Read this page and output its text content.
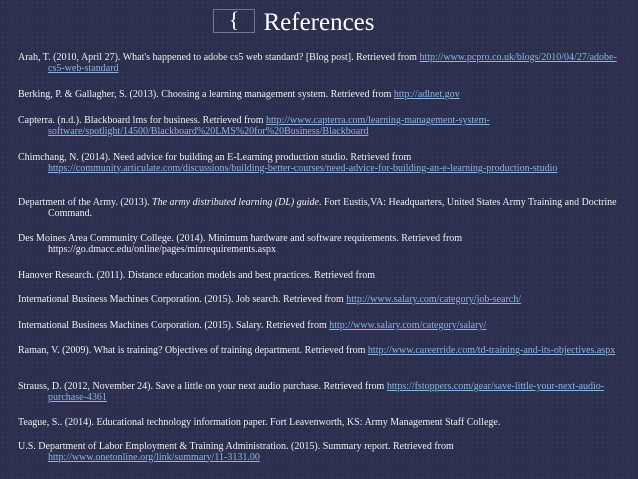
{ References
Arah, T. (2010, April 27). What's happened to adobe cs5 web standard? [Blog post]. Retrieved from http://www.pcpro.co.uk/blogs/2010/04/27/adobe-cs5-web-standard
Berking, P. & Gallagher, S. (2013). Choosing a learning management system. Retrieved from http://adlnet.gov
Capterra. (n.d.). Blackboard lms for business. Retrieved from http://www.capterra.com/learning-management-system-software/spotlight/14500/Blackboard%20LMS%20for%20Business/Blackboard
Chimchang, N. (2014). Need advice for building an E-Learning production studio. Retrieved from https://community.articulate.com/discussions/building-better-courses/need-advice-for-building-an-e-learning-production-studio
Department of the Army. (2013). The army distributed learning (DL) guide. Fort Eustis,VA: Headquarters, United States Army Training and Doctrine Command.
Des Moines Area Community College. (2014). Minimum hardware and software requirements. Retrieved from https://go.dmacc.edu/online/pages/minrequirements.aspx
Hanover Research. (2011). Distance education models and best practices. Retrieved from
International Business Machines Corporation. (2015). Job search. Retrieved from http://www.salary.com/category/job-search/
International Business Machines Corporation. (2015). Salary. Retrieved from http://www.salary.com/category/salary/
Raman, V. (2009). What is training? Objectives of training department. Retrieved from http://www.careerride.com/td-training-and-its-objectives.aspx
Strauss, D. (2012, November 24). Save a little on your next audio purchase. Retrieved from https://fstoppers.com/gear/save-little-your-next-audio-purchase-4361
Teague, S.. (2014). Educational technology information paper. Fort Leavenworth, KS: Army Management Staff College.
U.S. Department of Labor Employment & Training Administration. (2015). Summary report. Retrieved from http://www.onetonline.org/link/summary/11-3131.00
